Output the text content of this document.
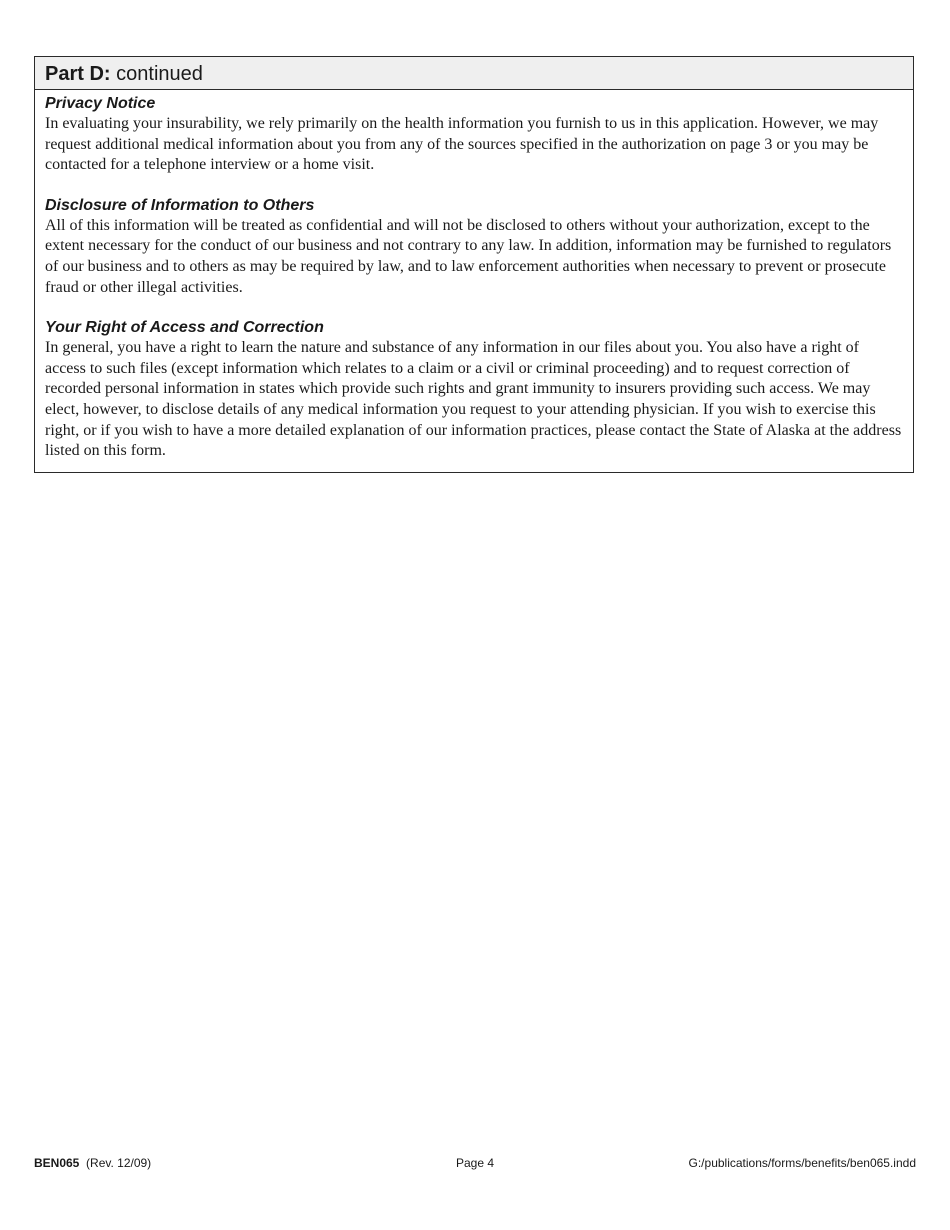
Part D: continued

Privacy Notice

In evaluating your insurability, we rely primarily on the health information you furnish to us in this application. However, we may request additional medical information about you from any of the sources specified in the authorization on page 3 or you may be contacted for a telephone interview or a home visit.

Disclosure of Information to Others

All of this information will be treated as confidential and will not be disclosed to others without your authorization, except to the extent necessary for the conduct of our business and not contrary to any law. In addition, information may be furnished to regulators of our business and to others as may be required by law, and to law enforcement authorities when necessary to prevent or prosecute fraud or other illegal activities.

Your Right of Access and Correction

In general, you have a right to learn the nature and substance of any information in our files about you. You also have a right of access to such files (except information which relates to a claim or a civil or criminal proceeding) and to request correction of recorded personal information in states which provide such rights and grant immunity to insurers providing such access. We may elect, however, to disclose details of any medical information you request to your attending physician. If you wish to exercise this right, or if you wish to have a more detailed explanation of our information practices, please contact the State of Alaska at the address listed on this form.

BEN065 (Rev. 12/09)	Page 4	G:/publications/forms/benefits/ben065.indd
